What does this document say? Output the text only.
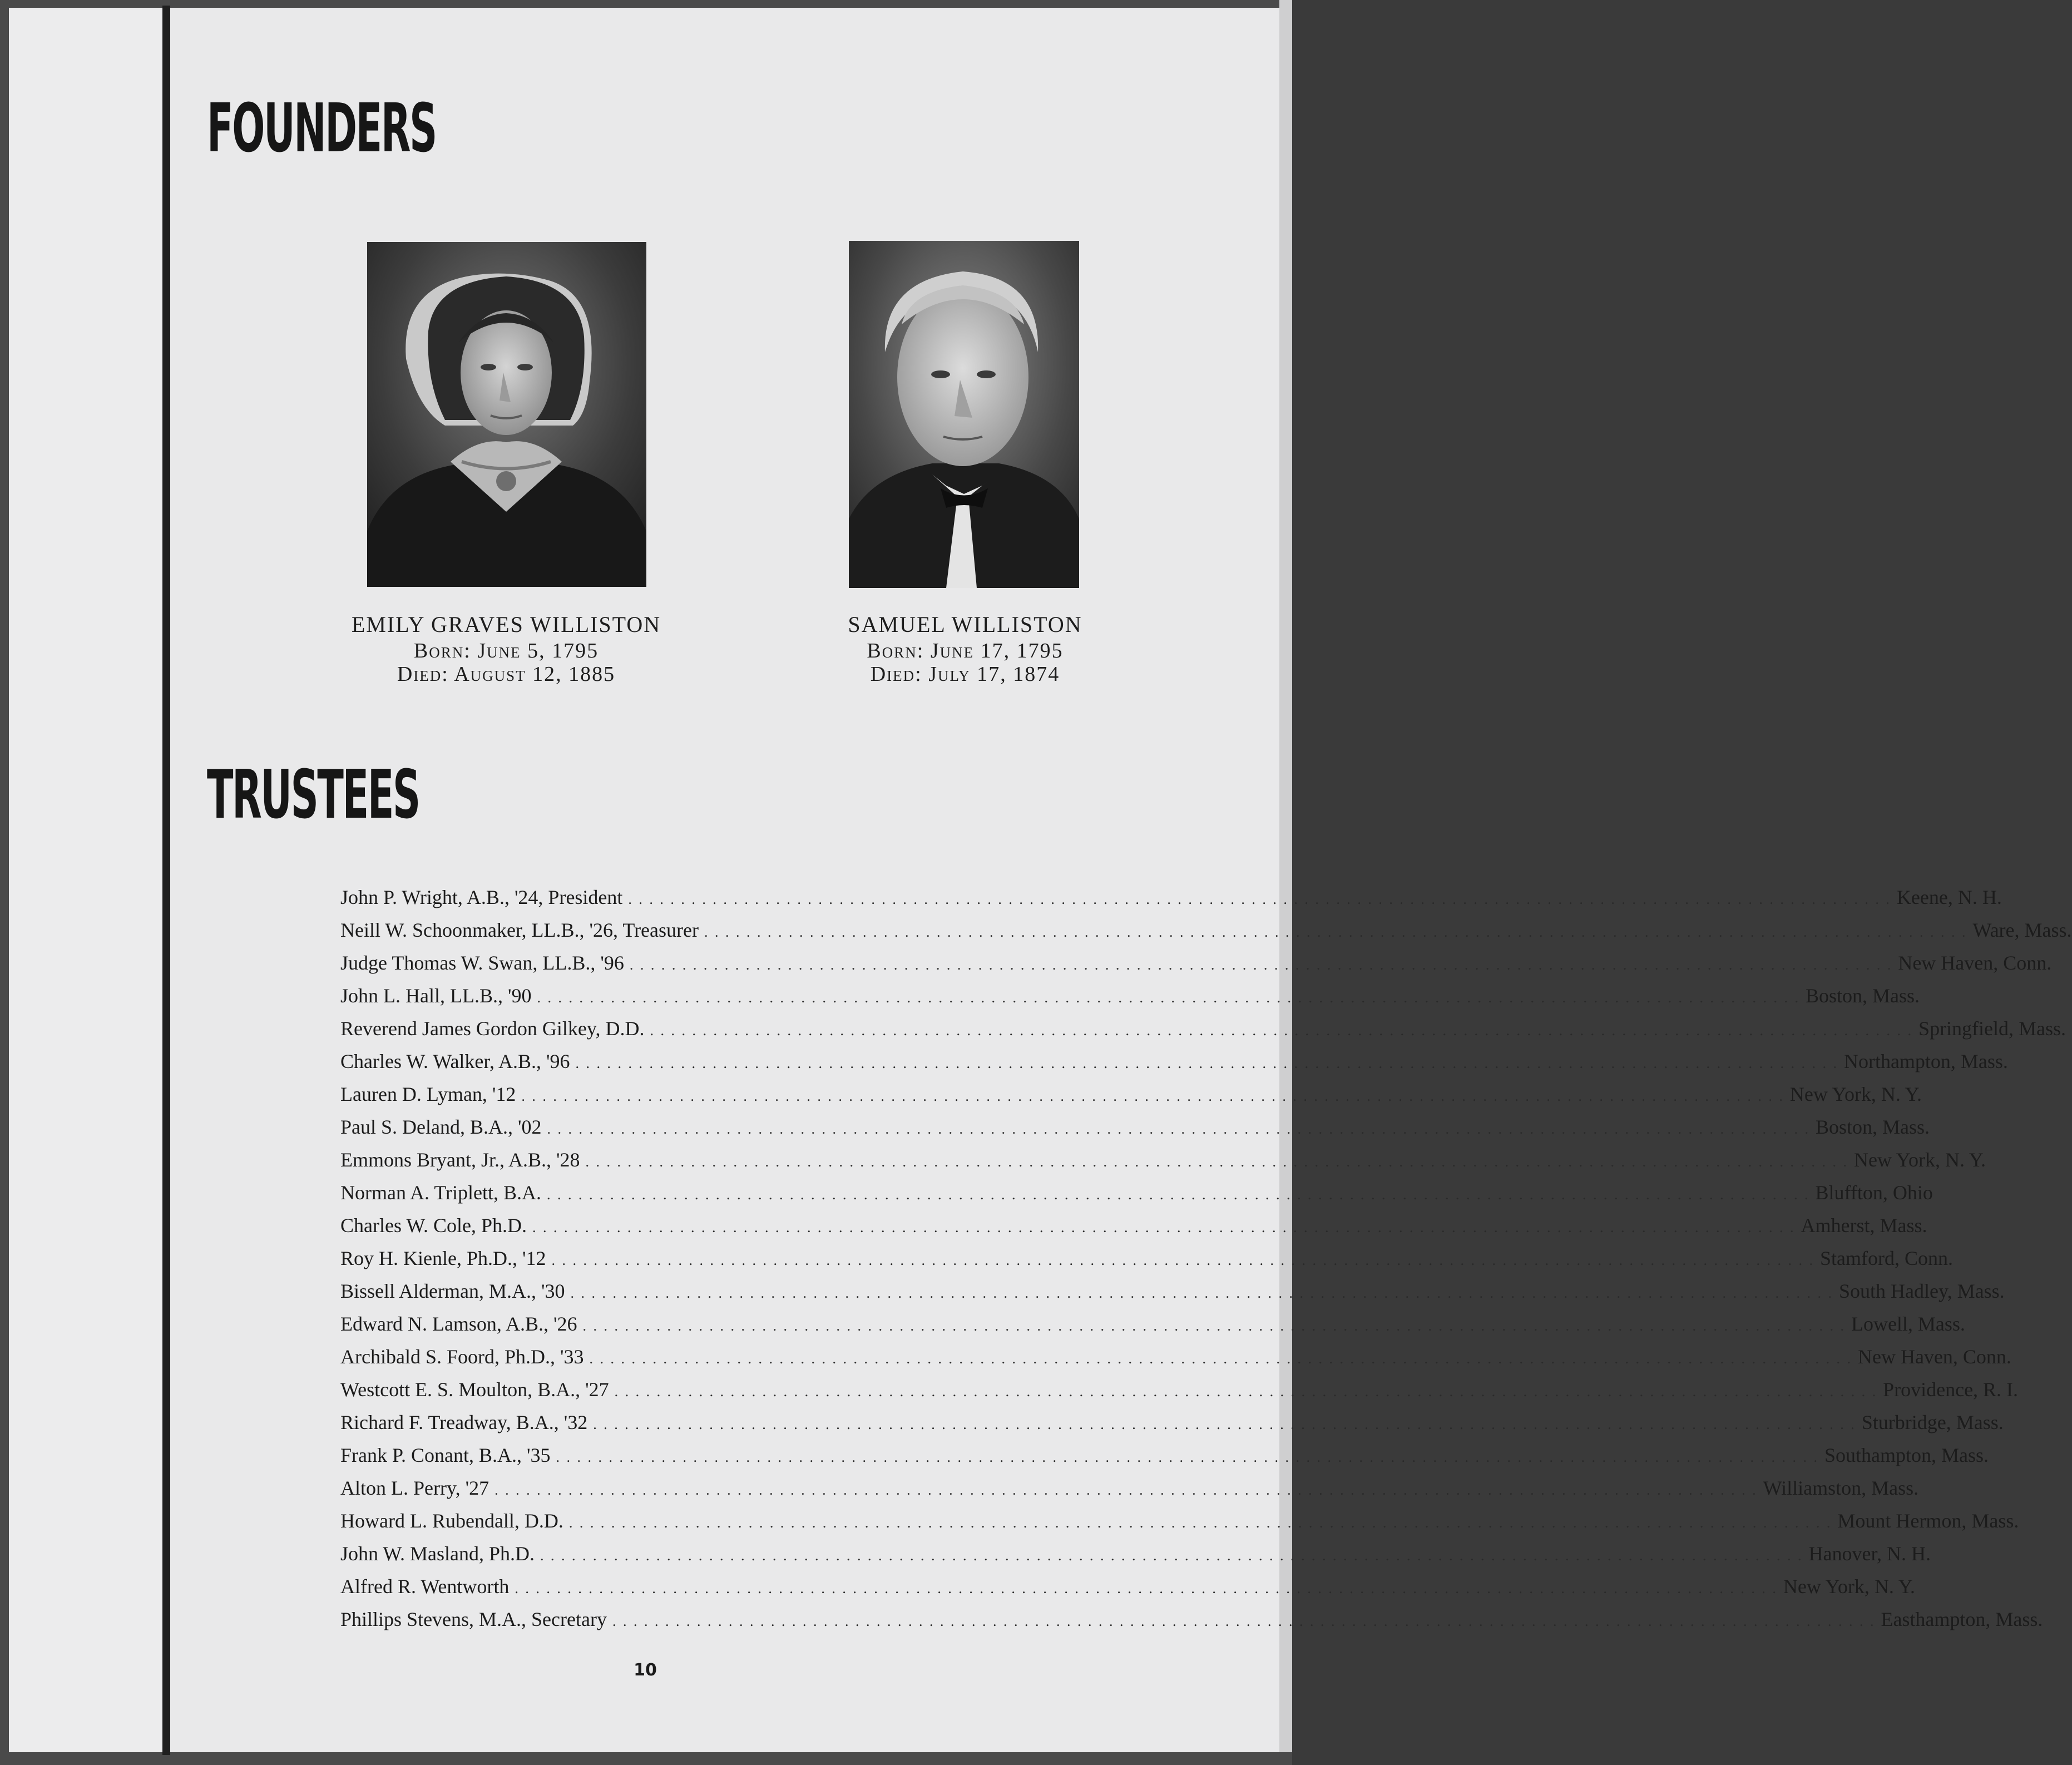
FOUNDERS
EMILY GRAVES WILLISTON
Born: June 5, 1795
Died: August 12, 1885
SAMUEL WILLISTON
Born: June 17, 1795
Died: July 17, 1874
TRUSTEES
John P. Wright, A.B., '24, President . . . . . . . . . . . . . . . . . . . . . . . . . . . . . . . . . . . . . . . . . . . . . . . . . . . . . . . . . . . . . . . . . . . . . . . . . . . . . . . . . . . . . . . . . . . . . . . . . . . . . . . . . . . . . . . . . . . . . . . . Keene, N. H.
Neill W. Schoonmaker, LL.B., '26, Treasurer . . . . . . . . . . . . . . . . . . . . . . . . . . . . . . . . . . . . . . . . . . . . . . . . . . . . . . . . . . . . . . . . . . . . . . . . . . . . . . . . . . . . . . . . . . . . . . . . . . . . . . . . . . . . . . . . . . . . . . . . Ware, Mass.
Judge Thomas W. Swan, LL.B., '96 . . . . . . . . . . . . . . . . . . . . . . . . . . . . . . . . . . . . . . . . . . . . . . . . . . . . . . . . . . . . . . . . . . . . . . . . . . . . . . . . . . . . . . . . . . . . . . . . . . . . . . . . . . . . . . . . . . . . . . . . New Haven, Conn.
John L. Hall, LL.B., '90 . . . . . . . . . . . . . . . . . . . . . . . . . . . . . . . . . . . . . . . . . . . . . . . . . . . . . . . . . . . . . . . . . . . . . . . . . . . . . . . . . . . . . . . . . . . . . . . . . . . . . . . . . . . . . . . . . . . . . . . . Boston, Mass.
Reverend James Gordon Gilkey, D.D. . . . . . . . . . . . . . . . . . . . . . . . . . . . . . . . . . . . . . . . . . . . . . . . . . . . . . . . . . . . . . . . . . . . . . . . . . . . . . . . . . . . . . . . . . . . . . . . . . . . . . . . . . . . . . . . . . . . . . . . . Springfield, Mass.
Charles W. Walker, A.B., '96 . . . . . . . . . . . . . . . . . . . . . . . . . . . . . . . . . . . . . . . . . . . . . . . . . . . . . . . . . . . . . . . . . . . . . . . . . . . . . . . . . . . . . . . . . . . . . . . . . . . . . . . . . . . . . . . . . . . . . . . . Northampton, Mass.
Lauren D. Lyman, '12 . . . . . . . . . . . . . . . . . . . . . . . . . . . . . . . . . . . . . . . . . . . . . . . . . . . . . . . . . . . . . . . . . . . . . . . . . . . . . . . . . . . . . . . . . . . . . . . . . . . . . . . . . . . . . . . . . . . . . . . . New York, N. Y.
Paul S. Deland, B.A., '02 . . . . . . . . . . . . . . . . . . . . . . . . . . . . . . . . . . . . . . . . . . . . . . . . . . . . . . . . . . . . . . . . . . . . . . . . . . . . . . . . . . . . . . . . . . . . . . . . . . . . . . . . . . . . . . . . . . . . . . . . Boston, Mass.
Emmons Bryant, Jr., A.B., '28 . . . . . . . . . . . . . . . . . . . . . . . . . . . . . . . . . . . . . . . . . . . . . . . . . . . . . . . . . . . . . . . . . . . . . . . . . . . . . . . . . . . . . . . . . . . . . . . . . . . . . . . . . . . . . . . . . . . . . . . . New York, N. Y.
Norman A. Triplett, B.A. . . . . . . . . . . . . . . . . . . . . . . . . . . . . . . . . . . . . . . . . . . . . . . . . . . . . . . . . . . . . . . . . . . . . . . . . . . . . . . . . . . . . . . . . . . . . . . . . . . . . . . . . . . . . . . . . . . . . . . . . Bluffton, Ohio
Charles W. Cole, Ph.D. . . . . . . . . . . . . . . . . . . . . . . . . . . . . . . . . . . . . . . . . . . . . . . . . . . . . . . . . . . . . . . . . . . . . . . . . . . . . . . . . . . . . . . . . . . . . . . . . . . . . . . . . . . . . . . . . . . . . . . . . Amherst, Mass.
Roy H. Kienle, Ph.D., '12 . . . . . . . . . . . . . . . . . . . . . . . . . . . . . . . . . . . . . . . . . . . . . . . . . . . . . . . . . . . . . . . . . . . . . . . . . . . . . . . . . . . . . . . . . . . . . . . . . . . . . . . . . . . . . . . . . . . . . . . . Stamford, Conn.
Bissell Alderman, M.A., '30 . . . . . . . . . . . . . . . . . . . . . . . . . . . . . . . . . . . . . . . . . . . . . . . . . . . . . . . . . . . . . . . . . . . . . . . . . . . . . . . . . . . . . . . . . . . . . . . . . . . . . . . . . . . . . . . . . . . . . . . . South Hadley, Mass.
Edward N. Lamson, A.B., '26 . . . . . . . . . . . . . . . . . . . . . . . . . . . . . . . . . . . . . . . . . . . . . . . . . . . . . . . . . . . . . . . . . . . . . . . . . . . . . . . . . . . . . . . . . . . . . . . . . . . . . . . . . . . . . . . . . . . . . . . . Lowell, Mass.
Archibald S. Foord, Ph.D., '33 . . . . . . . . . . . . . . . . . . . . . . . . . . . . . . . . . . . . . . . . . . . . . . . . . . . . . . . . . . . . . . . . . . . . . . . . . . . . . . . . . . . . . . . . . . . . . . . . . . . . . . . . . . . . . . . . . . . . . . . . New Haven, Conn.
Westcott E. S. Moulton, B.A., '27 . . . . . . . . . . . . . . . . . . . . . . . . . . . . . . . . . . . . . . . . . . . . . . . . . . . . . . . . . . . . . . . . . . . . . . . . . . . . . . . . . . . . . . . . . . . . . . . . . . . . . . . . . . . . . . . . . . . . . . . . Providence, R. I.
Richard F. Treadway, B.A., '32 . . . . . . . . . . . . . . . . . . . . . . . . . . . . . . . . . . . . . . . . . . . . . . . . . . . . . . . . . . . . . . . . . . . . . . . . . . . . . . . . . . . . . . . . . . . . . . . . . . . . . . . . . . . . . . . . . . . . . . . . Sturbridge, Mass.
Frank P. Conant, B.A., '35 . . . . . . . . . . . . . . . . . . . . . . . . . . . . . . . . . . . . . . . . . . . . . . . . . . . . . . . . . . . . . . . . . . . . . . . . . . . . . . . . . . . . . . . . . . . . . . . . . . . . . . . . . . . . . . . . . . . . . . . . Southampton, Mass.
Alton L. Perry, '27 . . . . . . . . . . . . . . . . . . . . . . . . . . . . . . . . . . . . . . . . . . . . . . . . . . . . . . . . . . . . . . . . . . . . . . . . . . . . . . . . . . . . . . . . . . . . . . . . . . . . . . . . . . . . . . . . . . . . . . . . Williamston, Mass.
Howard L. Rubendall, D.D. . . . . . . . . . . . . . . . . . . . . . . . . . . . . . . . . . . . . . . . . . . . . . . . . . . . . . . . . . . . . . . . . . . . . . . . . . . . . . . . . . . . . . . . . . . . . . . . . . . . . . . . . . . . . . . . . . . . . . . . . Mount Hermon, Mass.
John W. Masland, Ph.D. . . . . . . . . . . . . . . . . . . . . . . . . . . . . . . . . . . . . . . . . . . . . . . . . . . . . . . . . . . . . . . . . . . . . . . . . . . . . . . . . . . . . . . . . . . . . . . . . . . . . . . . . . . . . . . . . . . . . . . . . Hanover, N. H.
Alfred R. Wentworth . . . . . . . . . . . . . . . . . . . . . . . . . . . . . . . . . . . . . . . . . . . . . . . . . . . . . . . . . . . . . . . . . . . . . . . . . . . . . . . . . . . . . . . . . . . . . . . . . . . . . . . . . . . . . . . . . . . . . . . . New York, N. Y.
Phillips Stevens, M.A., Secretary . . . . . . . . . . . . . . . . . . . . . . . . . . . . . . . . . . . . . . . . . . . . . . . . . . . . . . . . . . . . . . . . . . . . . . . . . . . . . . . . . . . . . . . . . . . . . . . . . . . . . . . . . . . . . . . . . . . . . . . . Easthampton, Mass.
10
